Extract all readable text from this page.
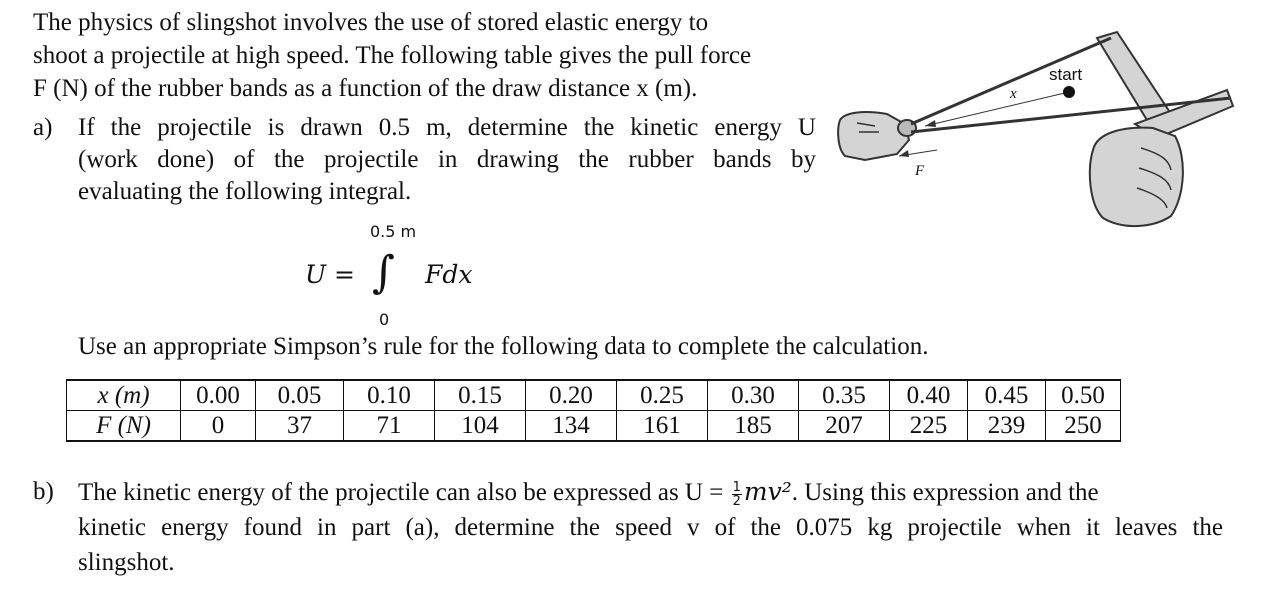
The physics of slingshot involves the use of stored elastic energy to
shoot a projectile at high speed. The following table gives the pull force
F (N) of the rubber bands as a function of the draw distance x (m).
a) If the projectile is drawn 0.5 m, determine the kinetic energy U
(work done) of the projectile in drawing the rubber bands by
evaluating the following integral.
0.5 m
U = ∫ Fdx
0
Use an appropriate Simpson’s rule for the following data to complete the calculation.
x (m)	0.00	0.05	0.10	0.15	0.20	0.25	0.30	0.35	0.40	0.45	0.50
F (N)	0	37	71	104	134	161	185	207	225	239	250
b) The kinetic energy of the projectile can also be expressed as $U = \frac{1}{2} mv^2$. Using this expression and the
kinetic energy found in part (a), determine the speed v of the 0.075 kg projectile when it leaves the
slingshot.
start
x
F
